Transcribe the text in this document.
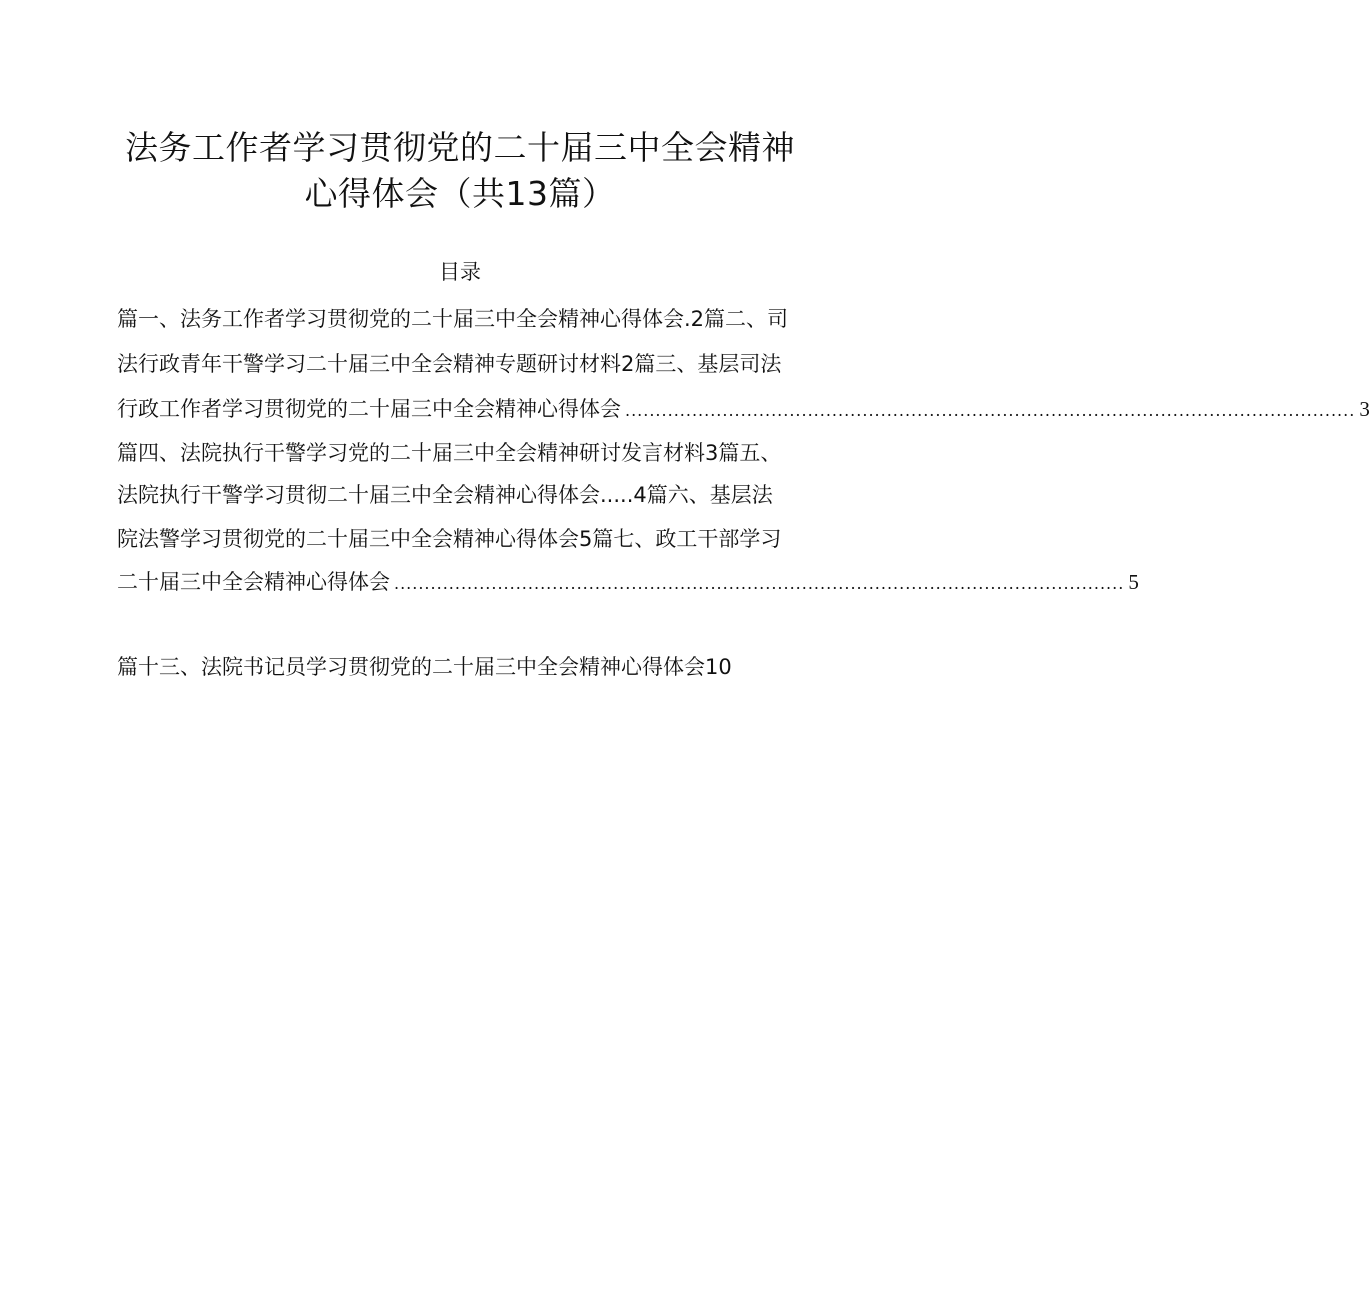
法务工作者学习贯彻党的二十届三中全会精神
心得体会（共13篇）
目录
篇一、法务工作者学习贯彻党的二十届三中全会精神心得体会.2篇二、司
法行政青年干警学习二十届三中全会精神专题研讨材料2篇三、基层司法
行政工作者学习贯彻党的二十届三中全会精神心得体会 ........................................................................................................................ 3
篇四、法院执行干警学习党的二十届三中全会精神研讨发言材料3篇五、
法院执行干警学习贯彻二十届三中全会精神心得体会.....4篇六、基层法
院法警学习贯彻党的二十届三中全会精神心得体会5篇七、政工干部学习
二十届三中全会精神心得体会 ........................................................................................................................ 5
篇十三、法院书记员学习贯彻党的二十届三中全会精神心得体会10
